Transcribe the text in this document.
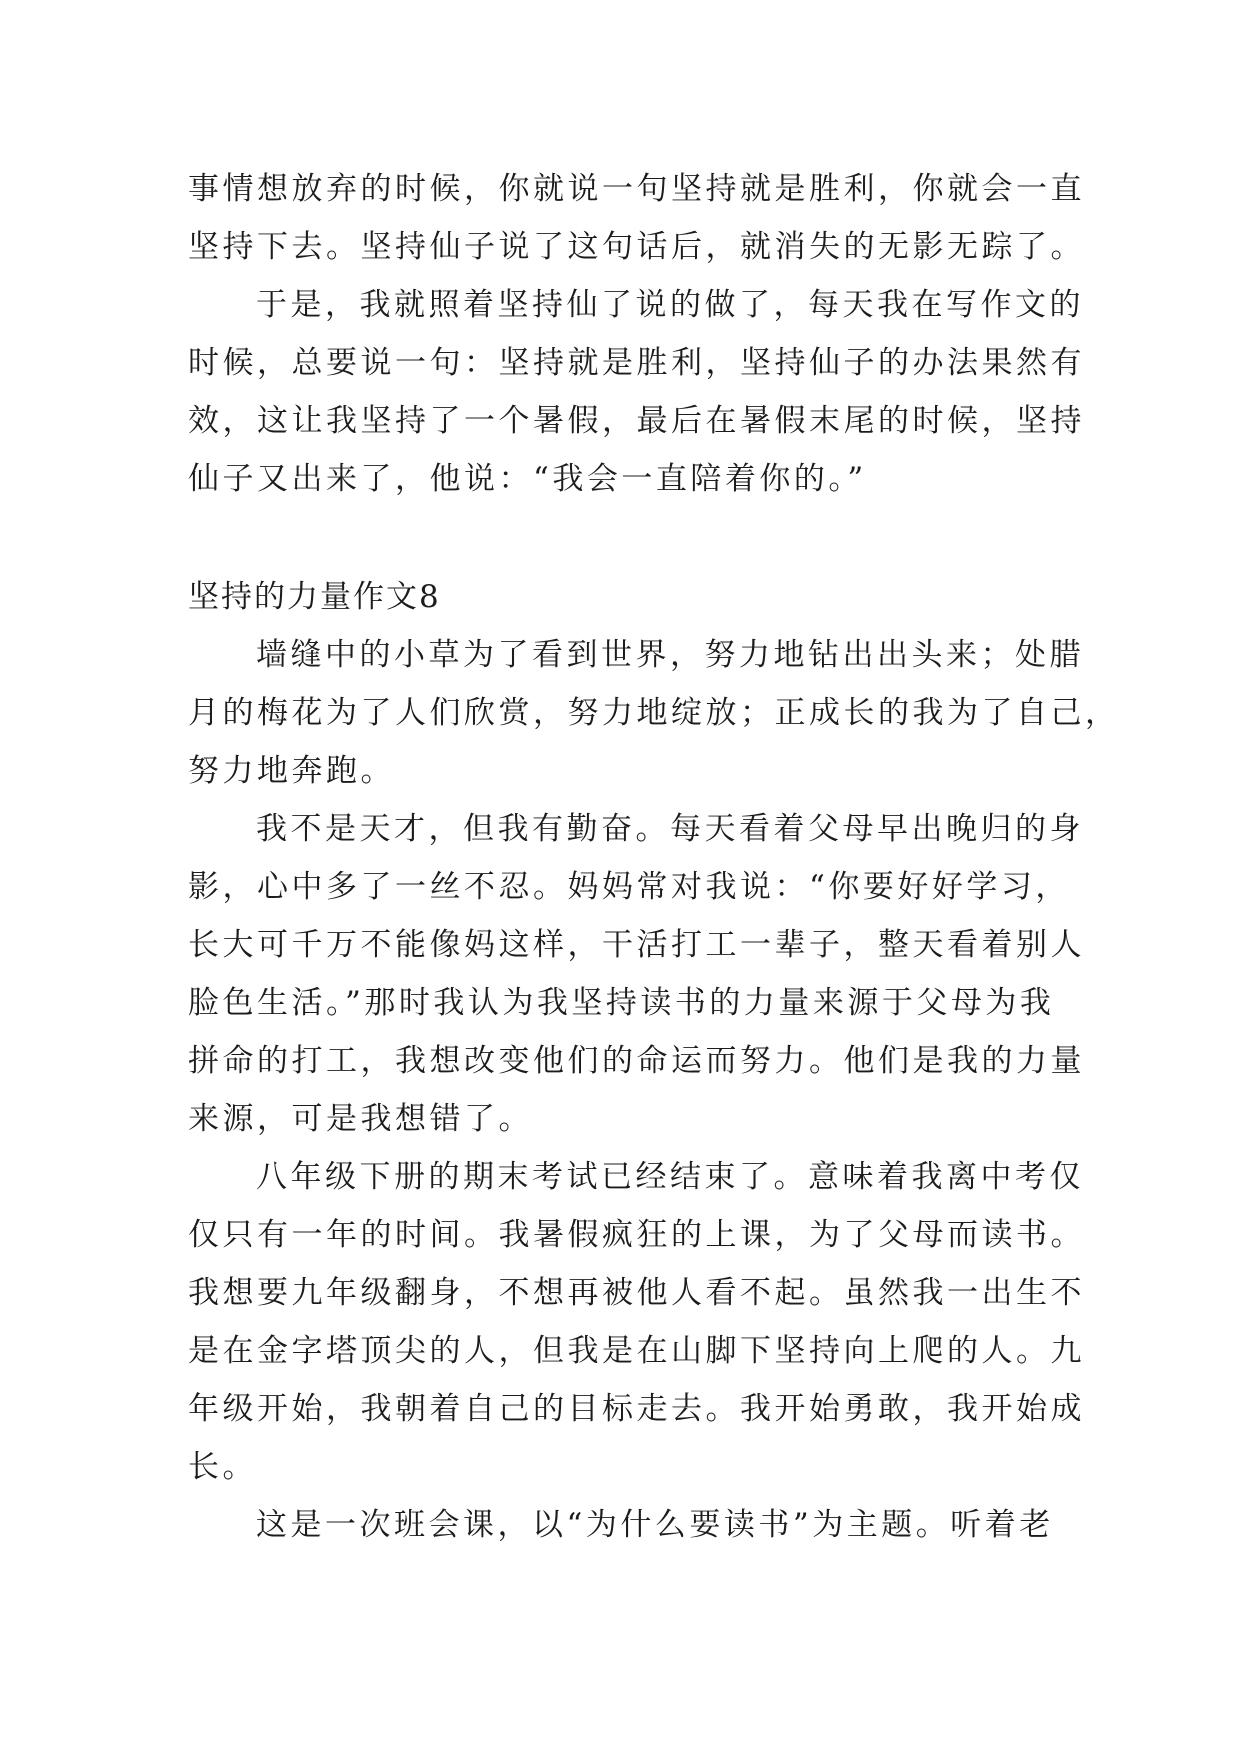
事情想放弃的时候，你就说一句坚持就是胜利，你就会一直
坚持下去。坚持仙子说了这句话后，就消失的无影无踪了。
于是，我就照着坚持仙了说的做了，每天我在写作文的
时候，总要说一句：坚持就是胜利，坚持仙子的办法果然有
效，这让我坚持了一个暑假，最后在暑假末尾的时候，坚持
仙子又出来了，他说：“我会一直陪着你的。”
坚持的力量作文8
墙缝中的小草为了看到世界，努力地钻出出头来；处腊
月的梅花为了人们欣赏，努力地绽放；正成长的我为了自己，
努力地奔跑。
我不是天才，但我有勤奋。每天看着父母早出晚归的身
影，心中多了一丝不忍。妈妈常对我说：“你要好好学习，
长大可千万不能像妈这样，干活打工一辈子，整天看着别人
脸色生活。”那时我认为我坚持读书的力量来源于父母为我
拼命的打工，我想改变他们的命运而努力。他们是我的力量
来源，可是我想错了。
八年级下册的期末考试已经结束了。意味着我离中考仅
仅只有一年的时间。我暑假疯狂的上课，为了父母而读书。
我想要九年级翻身，不想再被他人看不起。虽然我一出生不
是在金字塔顶尖的人，但我是在山脚下坚持向上爬的人。九
年级开始，我朝着自己的目标走去。我开始勇敢，我开始成
长。
这是一次班会课，以“为什么要读书”为主题。听着老
